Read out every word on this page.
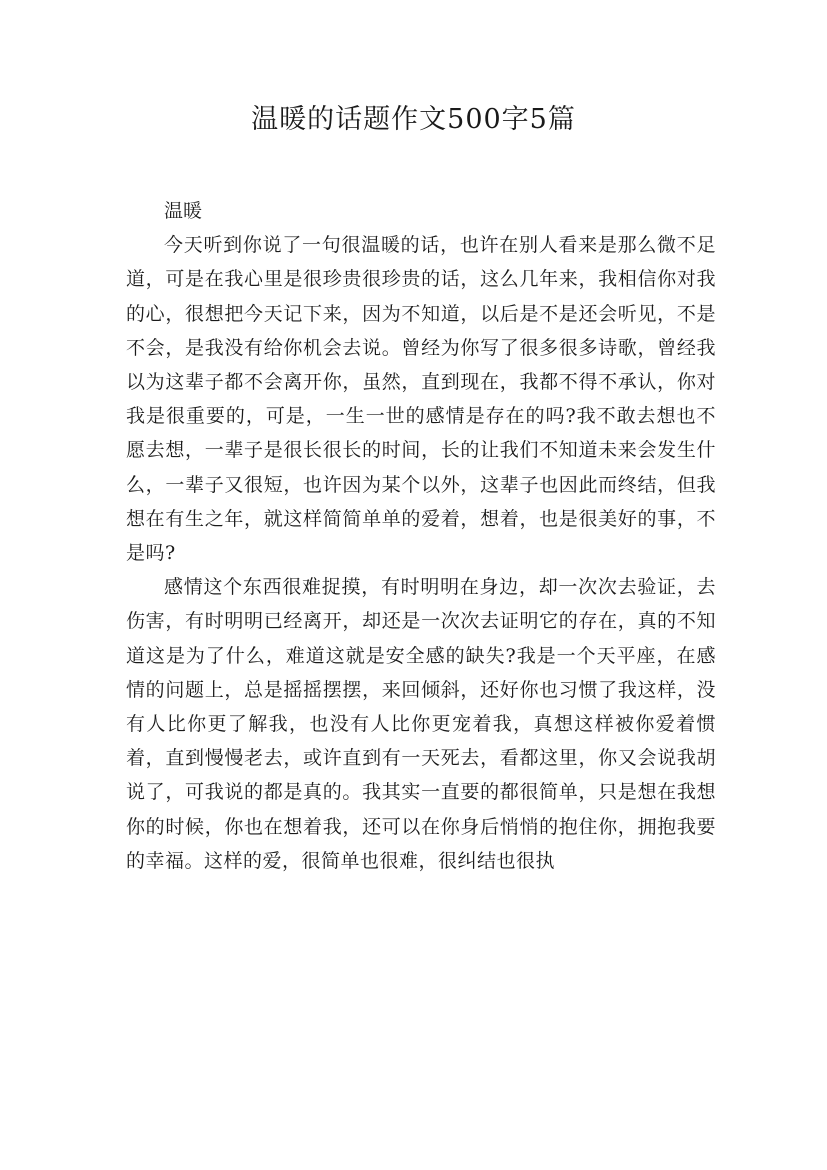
温暖的话题作文500字5篇

温暖

今天听到你说了一句很温暖的话，也许在别人看来是那么微不足道，可是在我心里是很珍贵很珍贵的话，这么几年来，我相信你对我的心，很想把今天记下来，因为不知道，以后是不是还会听见，不是不会，是我没有给你机会去说。曾经为你写了很多很多诗歌，曾经我以为这辈子都不会离开你，虽然，直到现在，我都不得不承认，你对我是很重要的，可是，一生一世的感情是存在的吗?我不敢去想也不愿去想，一辈子是很长很长的时间，长的让我们不知道未来会发生什么，一辈子又很短，也许因为某个以外，这辈子也因此而终结，但我想在有生之年，就这样简简单单的爱着，想着，也是很美好的事，不是吗?

感情这个东西很难捉摸，有时明明在身边，却一次次去验证，去伤害，有时明明已经离开，却还是一次次去证明它的存在，真的不知道这是为了什么，难道这就是安全感的缺失?我是一个天平座，在感情的问题上，总是摇摇摆摆，来回倾斜，还好你也习惯了我这样，没有人比你更了解我，也没有人比你更宠着我，真想这样被你爱着惯着，直到慢慢老去，或许直到有一天死去，看都这里，你又会说我胡说了，可我说的都是真的。我其实一直要的都很简单，只是想在我想你的时候，你也在想着我，还可以在你身后悄悄的抱住你，拥抱我要的幸福。这样的爱，很简单也很难，很纠结也很执
